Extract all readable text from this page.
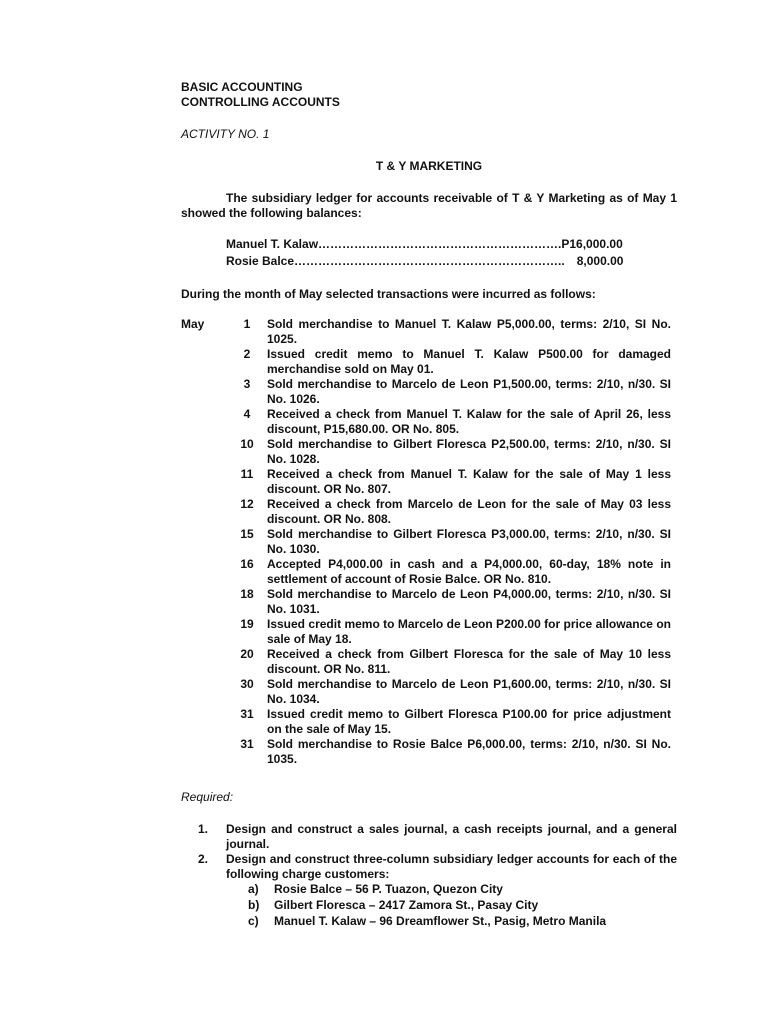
BASIC ACCOUNTING
CONTROLLING ACCOUNTS
ACTIVITY NO. 1
T & Y MARKETING
The subsidiary ledger for accounts receivable of T & Y Marketing as of May 1 showed the following balances:
Manuel T. Kalaw…………………………………………………….P16,000.00
Rosie Balce………………………………………………………….. 8,000.00
During the month of May selected transactions were incurred as follows:
May	1	Sold merchandise to Manuel T. Kalaw P5,000.00, terms: 2/10, SI No. 1025.
2	Issued credit memo to Manuel T. Kalaw P500.00 for damaged merchandise sold on May 01.
3	Sold merchandise to Marcelo de Leon P1,500.00, terms: 2/10, n/30. SI No. 1026.
4	Received a check from Manuel T. Kalaw for the sale of April 26, less discount, P15,680.00. OR No. 805.
10	Sold merchandise to Gilbert Floresca P2,500.00, terms: 2/10, n/30. SI No. 1028.
11	Received a check from Manuel T. Kalaw for the sale of May 1 less discount. OR No. 807.
12	Received a check from Marcelo de Leon for the sale of May 03 less discount. OR No. 808.
15	Sold merchandise to Gilbert Floresca P3,000.00, terms: 2/10, n/30. SI No. 1030.
16	Accepted P4,000.00 in cash and a P4,000.00, 60-day, 18% note in settlement of account of Rosie Balce. OR No. 810.
18	Sold merchandise to Marcelo de Leon P4,000.00, terms: 2/10, n/30. SI No. 1031.
19	Issued credit memo to Marcelo de Leon P200.00 for price allowance on sale of May 18.
20	Received a check from Gilbert Floresca for the sale of May 10 less discount. OR No. 811.
30	Sold merchandise to Marcelo de Leon P1,600.00, terms: 2/10, n/30. SI No. 1034.
31	Issued credit memo to Gilbert Floresca P100.00 for price adjustment on the sale of May 15.
31	Sold merchandise to Rosie Balce P6,000.00, terms: 2/10, n/30. SI No. 1035.
Required:
1.	Design and construct a sales journal, a cash receipts journal, and a general journal.
2.	Design and construct three-column subsidiary ledger accounts for each of the following charge customers:
a)	Rosie Balce – 56 P. Tuazon, Quezon City
b)	Gilbert Floresca – 2417 Zamora St., Pasay City
c)	Manuel T. Kalaw – 96 Dreamflower St., Pasig, Metro Manila
